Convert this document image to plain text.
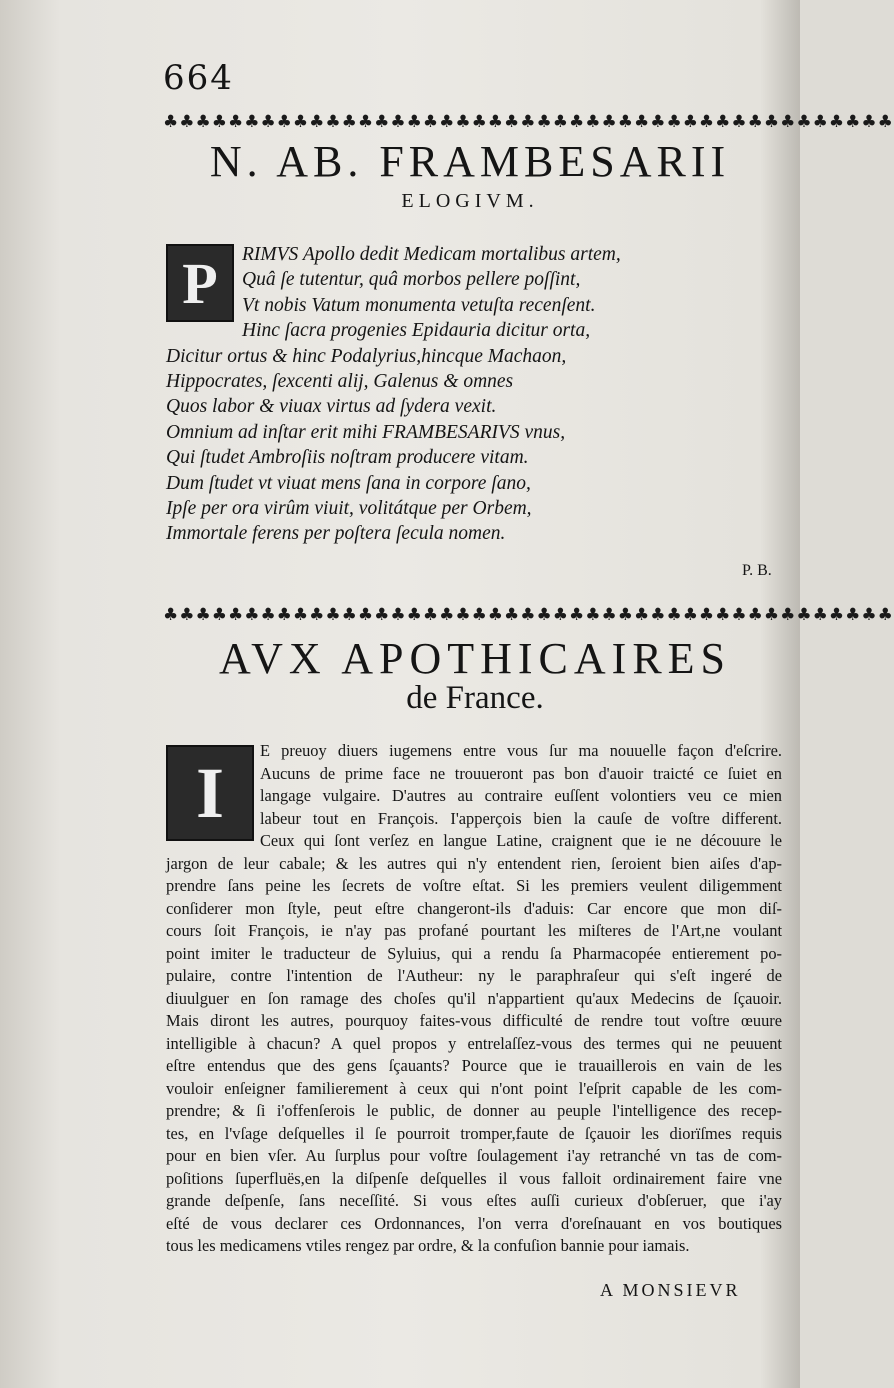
664
♣♣♣♣♣♣♣♣♣♣♣♣♣♣♣♣♣♣♣♣♣♣♣♣♣♣♣♣♣♣♣♣♣♣♣♣♣♣♣♣♣♣♣♣♣
N. AB. FRAMBESARII
ELOGIVM.
P	RIMVS Apollo dedit Medicam mortalibus artem,
Quâ ſe tutentur, quâ morbos pellere poſſint,
Vt nobis Vatum monumenta vetuſta recenſent.
Hinc ſacra progenies Epidauria dicitur orta,
Dicitur ortus & hinc Podalyrius,hincque Machaon,
Hippocrates, ſexcenti alij, Galenus & omnes
Quos labor & viuax virtus ad ſydera vexit.
Omnium ad inſtar erit mihi FRAMBESARIVS vnus,
Qui ſtudet Ambroſiis noſtram producere vitam.
Dum ſtudet vt viuat mens ſana in corpore ſano,
Ipſe per ora virûm viuit, volitátque per Orbem,
Immortale ferens per poſtera ſecula nomen.
P. B.
♣♣♣♣♣♣♣♣♣♣♣♣♣♣♣♣♣♣♣♣♣♣♣♣♣♣♣♣♣♣♣♣♣♣♣♣♣♣♣♣♣♣♣♣♣
AVX APOTHICAIRES
de France.
I
E preuoy diuers iugemens entre vous ſur ma nouuelle façon d'eſcrire.
Aucuns de prime face ne trouueront pas bon d'auoir traicté ce ſuiet en
langage vulgaire. D'autres au contraire euſſent volontiers veu ce mien
labeur tout en François. I'apperçois bien la cauſe de voſtre different.
Ceux qui ſont verſez en langue Latine, craignent que ie ne découure le
jargon de leur cabale; & les autres qui n'y entendent rien, ſeroient bien aiſes d'ap-
prendre ſans peine les ſecrets de voſtre eſtat. Si les premiers veulent diligemment
conſiderer mon ſtyle, peut eſtre changeront-ils d'aduis: Car encore que mon diſ-
cours ſoit François, ie n'ay pas profané pourtant les miſteres de l'Art,ne voulant
point imiter le traducteur de Syluius, qui a rendu ſa Pharmacopée entierement po-
pulaire, contre l'intention de l'Autheur: ny le paraphraſeur qui s'eſt ingeré de
diuulguer en ſon ramage des choſes qu'il n'appartient qu'aux Medecins de ſçauoir.
Mais diront les autres, pourquoy faites-vous difficulté de rendre tout voſtre œuure
intelligible à chacun? A quel propos y entrelaſſez-vous des termes qui ne peuuent
eſtre entendus que des gens ſçauants? Pource que ie trauaillerois en vain de les
vouloir enſeigner familierement à ceux qui n'ont point l'eſprit capable de les com-
prendre; & ſi i'offenſerois le public, de donner au peuple l'intelligence des recep-
tes, en l'vſage deſquelles il ſe pourroit tromper,faute de ſçauoir les diorïſmes requis
pour en bien vſer. Au ſurplus pour voſtre ſoulagement i'ay retranché vn tas de com-
poſitions ſuperfluës,en la diſpenſe deſquelles il vous falloit ordinairement faire vne
grande deſpenſe, ſans neceſſité. Si vous eſtes auſſi curieux d'obſeruer, que i'ay
eſté de vous declarer ces Ordonnances, l'on verra d'oreſnauant en vos boutiques
tous les medicamens vtiles rengez par ordre, & la confuſion bannie pour iamais.
A MONSIEVR
